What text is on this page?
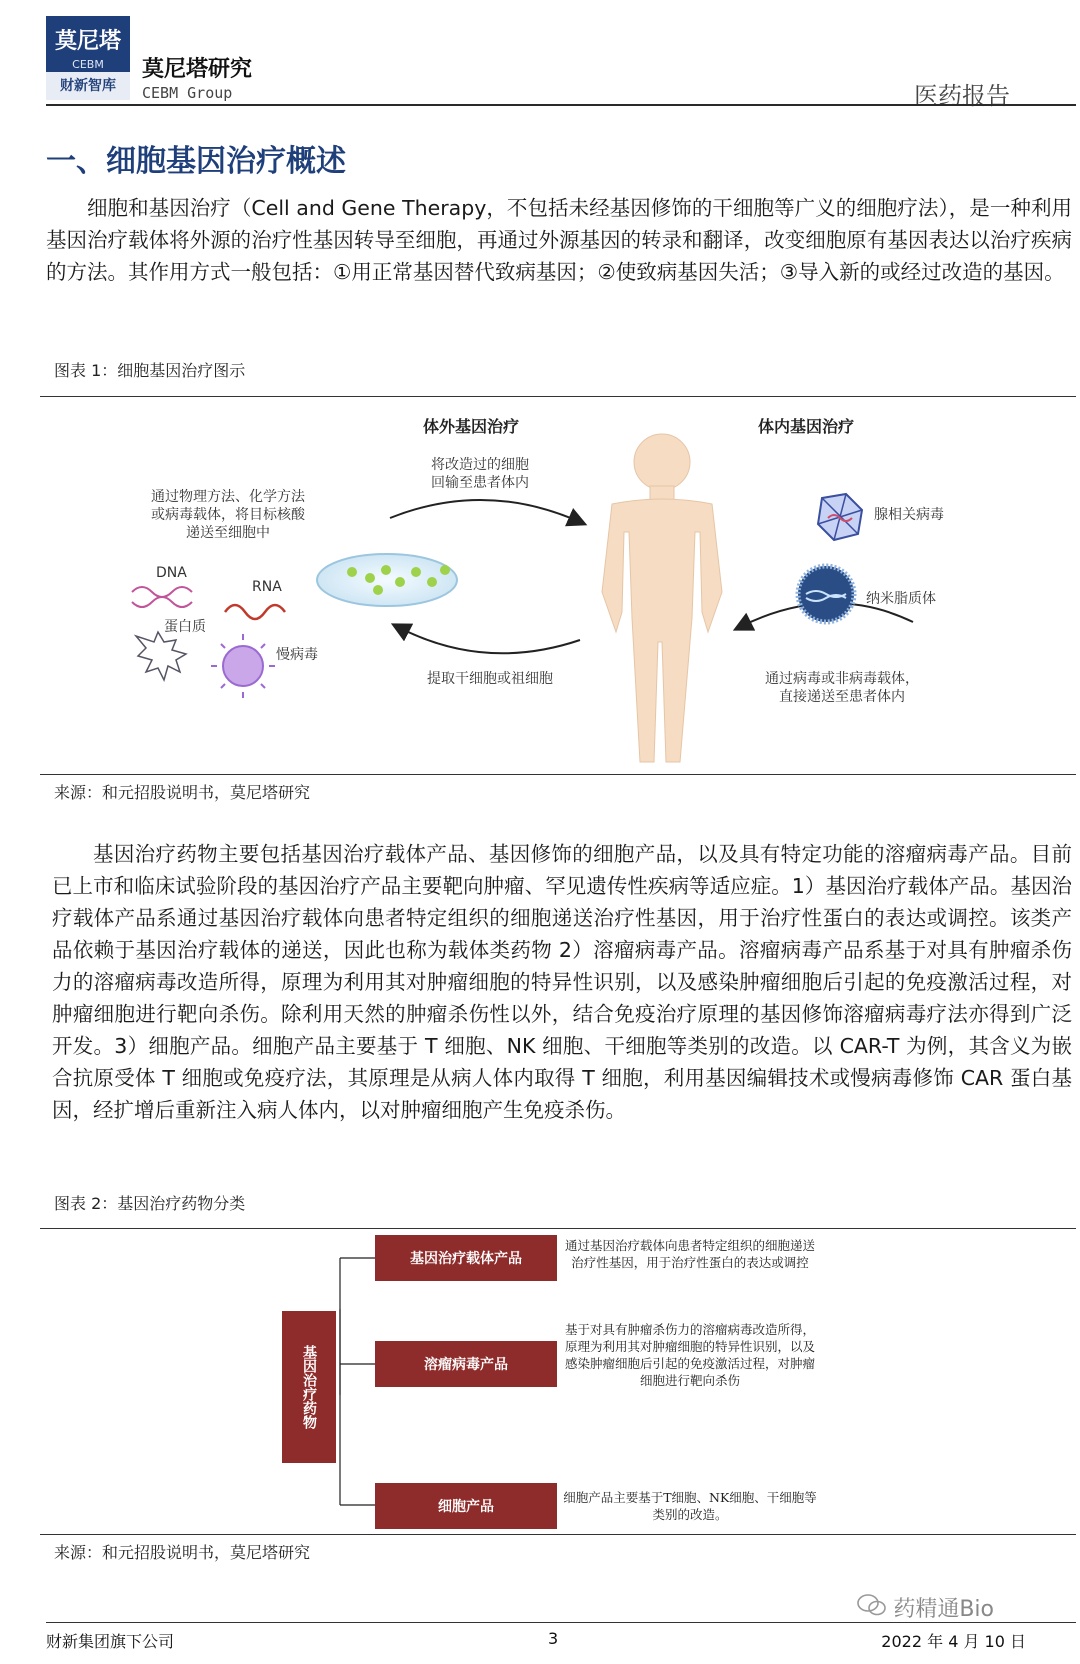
莫尼塔
CEBM
财新智库
莫尼塔研究
CEBM Group	医药报告
一、细胞基因治疗概述

细胞和基因治疗（Cell and Gene Therapy，不包括未经基因修饰的干细胞等广义的细胞疗法），是一种利用基因治疗载体将外源的治疗性基因转导至细胞，再通过外源基因的转录和翻译，改变细胞原有基因表达以治疗疾病的方法。其作用方式一般包括：①用正常基因替代致病基因；②使致病基因失活；③导入新的或经过改造的基因。

图表 1：细胞基因治疗图示
体外基因治疗	体内基因治疗
将改造过的细胞
回输至患者体内
通过物理方法、化学方法
或病毒载体，将目标核酸
递送至细胞中
DNA
RNA
蛋白质
慢病毒
提取干细胞或祖细胞
腺相关病毒
纳米脂质体
通过病毒或非病毒载体，
直接递送至患者体内
来源：和元招股说明书，莫尼塔研究

基因治疗药物主要包括基因治疗载体产品、基因修饰的细胞产品，以及具有特定功能的溶瘤病毒产品。目前已上市和临床试验阶段的基因治疗产品主要靶向肿瘤、罕见遗传性疾病等适应症。1）基因治疗载体产品。基因治疗载体产品系通过基因治疗载体向患者特定组织的细胞递送治疗性基因，用于治疗性蛋白的表达或调控。该类产品依赖于基因治疗载体的递送，因此也称为载体类药物 2）溶瘤病毒产品。溶瘤病毒产品系基于对具有肿瘤杀伤力的溶瘤病毒改造所得，原理为利用其对肿瘤细胞的特异性识别，以及感染肿瘤细胞后引起的免疫激活过程，对肿瘤细胞进行靶向杀伤。除利用天然的肿瘤杀伤性以外，结合免疫治疗原理的基因修饰溶瘤病毒疗法亦得到广泛开发。3）细胞产品。细胞产品主要基于 T 细胞、NK 细胞、干细胞等类别的改造。以 CAR-T 为例，其含义为嵌合抗原受体 T 细胞或免疫疗法，其原理是从病人体内取得 T 细胞，利用基因编辑技术或慢病毒修饰 CAR 蛋白基因，经扩增后重新注入病人体内，以对肿瘤细胞产生免疫杀伤。

图表 2：基因治疗药物分类
基因治疗药物
基因治疗载体产品
通过基因治疗载体向患者特定组织的细胞递送治疗性基因，用于治疗性蛋白的表达或调控
溶瘤病毒产品
基于对具有肿瘤杀伤力的溶瘤病毒改造所得，原理为利用其对肿瘤细胞的特异性识别，以及感染肿瘤细胞后引起的免疫激活过程，对肿瘤细胞进行靶向杀伤
细胞产品
细胞产品主要基于T细胞、NK细胞、干细胞等类别的改造。
来源：和元招股说明书，莫尼塔研究
药精通Bio
财新集团旗下公司	3	2022 年 4 月 10 日
